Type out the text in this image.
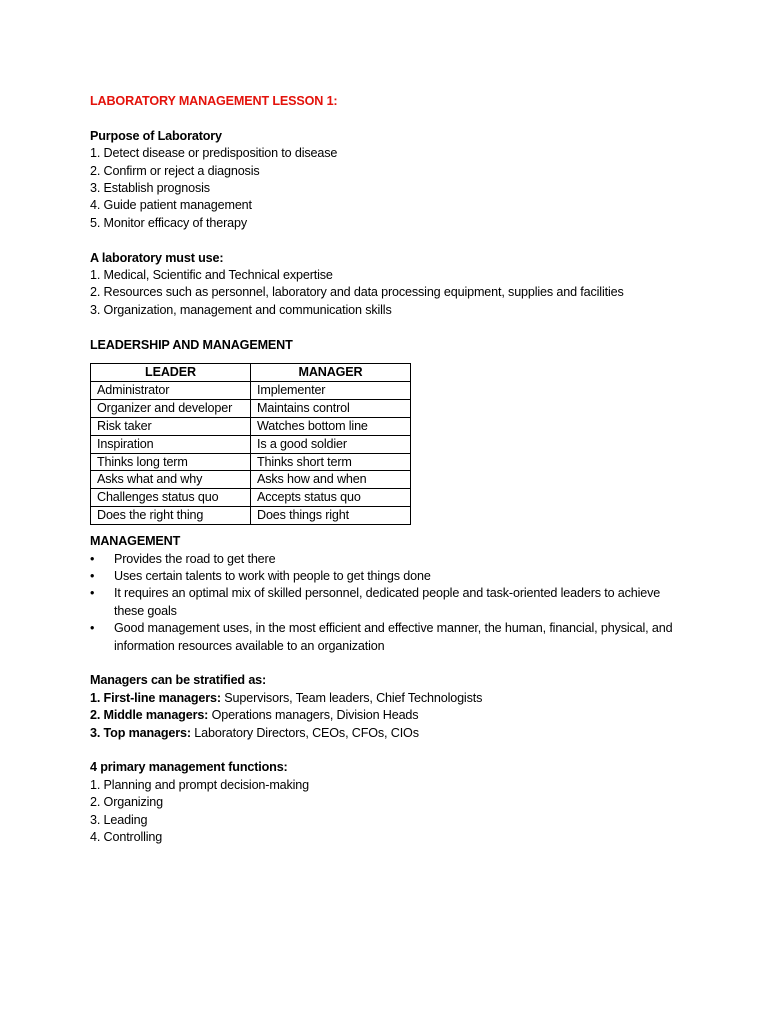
LABORATORY MANAGEMENT LESSON 1:
Purpose of Laboratory
1. Detect disease or predisposition to disease
2. Confirm or reject a diagnosis
3. Establish prognosis
4. Guide patient management
5. Monitor efficacy of therapy
A laboratory must use:
1. Medical, Scientific and Technical expertise
2. Resources such as personnel, laboratory and data processing equipment, supplies and facilities
3. Organization, management and communication skills
LEADERSHIP AND MANAGEMENT
LEADER	MANAGER
Administrator	Implementer
Organizer and developer	Maintains control
Risk taker	Watches bottom line
Inspiration	Is a good soldier
Thinks long term	Thinks short term
Asks what and why	Asks how and when
Challenges status quo	Accepts status quo
Does the right thing	Does things right
MANAGEMENT
• Provides the road to get there
• Uses certain talents to work with people to get things done
• It requires an optimal mix of skilled personnel, dedicated people and task-oriented leaders to achieve these goals
• Good management uses, in the most efficient and effective manner, the human, financial, physical, and information resources available to an organization
Managers can be stratified as:
1. First-line managers: Supervisors, Team leaders, Chief Technologists
2. Middle managers: Operations managers, Division Heads
3. Top managers: Laboratory Directors, CEOs, CFOs, CIOs
4 primary management functions:
1. Planning and prompt decision-making
2. Organizing
3. Leading
4. Controlling
